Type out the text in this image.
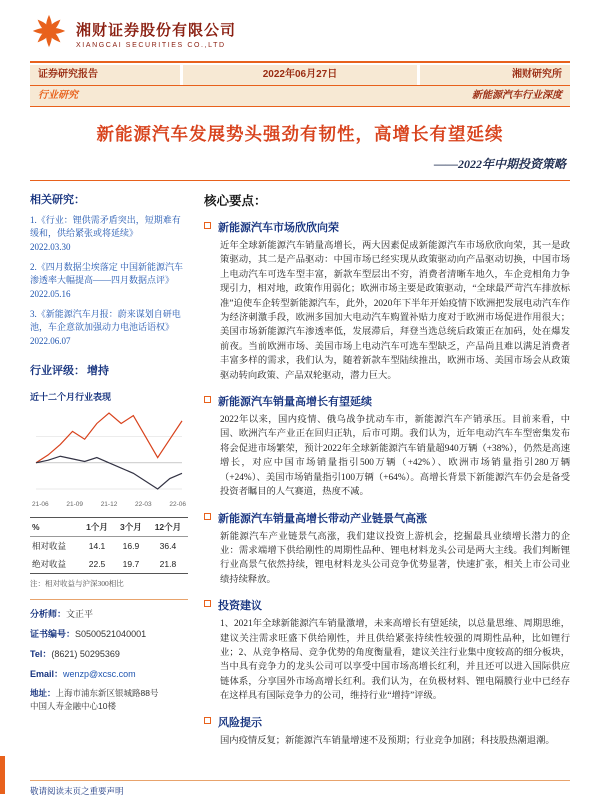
湘财证券股份有限公司
XIANGCAI SECURITIES CO.,LTD
证券研究报告	2022年06月27日	湘财研究所
行业研究	新能源汽车行业深度
新能源汽车发展势头强劲有韧性，高增长有望延续
——2022年中期投资策略
相关研究：
1.《行业：锂供需矛盾突出，短期难有缓和，供给紧张或将延续》
2022.03.30
2.《四月数据尘埃落定 中国新能源汽车渗透率大幅提高——四月数据点评》
2022.05.16
3.《新能源汽车月报：蔚来谋划自研电池，车企意欲加强动力电池话语权》
2022.06.07
行业评级： 增持
近十二个月行业表现
21-06	21-09	21-12	22-03	22-06
%	1个月	3个月	12个月
相对收益	14.1	16.9	36.4
绝对收益	22.5	19.7	21.8
注：相对收益与沪深300相比
分析师：文正平
证书编号：S0500521040001
Tel：(8621) 50295369
Email：wenzp@xcsc.com
地址：上海市浦东新区银城路88号
中国人寿金融中心10楼
核心要点：
新能源汽车市场欣欣向荣
近年全球新能源汽车销量高增长，两大因素促成新能源汽车市场欣欣向荣，其一是政策驱动，其二是产品驱动：中国市场已经实现从政策驱动向产品驱动切换，中国市场上电动汽车可选车型丰富，新款车型层出不穷，消费者清晰车地久，车企竞相角力争现引力，相对地，政策作用弱化；欧洲市场主要是政策驱动，“全球最严苛汽车排放标准”迫使车企转型新能源汽车，此外，2020年下半年开始疫情下欧洲把发展电动汽车作为经济刺激手段，欧洲多国加大电动汽车购置补贴力度对于欧洲市场促进作用很大；美国市场新能源汽车渗透率低，发展滞后，拜登当选总统后政策正在加码，处在爆发前夜。当前欧洲市场、美国市场上电动汽车可选车型缺乏，产品尚且难以满足消费者丰富多样的需求，我们认为，随着新款车型陆续推出，欧洲市场、美国市场会从政策驱动转向政策、产品双轮驱动，潜力巨大。
新能源汽车销量高增长有望延续
2022年以来，国内疫情、俄乌战争扰动车市，新能源汽车产销承压。目前来看，中国、欧洲汽车产业正在回归正轨，后市可期。我们认为，近年电动汽车车型密集发布将会促进市场繁荣，预计2022年全球新能源汽车销量超940万辆（+38%），仍然是高速增长，对应中国市场销量指引500万辆（+42%）、欧洲市场销量指引280万辆（+24%）、美国市场销量指引100万辆（+64%）。高增长背景下新能源汽车仍会是备受投资者瞩目的人气赛道，热度不减。
新能源汽车销量高增长带动产业链景气高涨
新能源汽车产业链景气高涨，我们建议投资上游机会，挖掘最具业绩增长潜力的企业：需求端增下供给刚性的周期性品种、锂电材料龙头公司是两大主线。我们判断锂行业高景气依然持续，锂电材料龙头公司竞争优势显著，快速扩张，相关上市公司业绩持续释放。
投资建议
1、2021年全球新能源汽车销量激增，未来高增长有望延续，以总量思维、周期思维，建议关注需求旺盛下供给刚性，并且供给紧张持续性较强的周期性品种，比如锂行业；2、从竞争格局、竞争优势的角度衡量看，建议关注行业集中度较高的细分板块，当中具有竞争力的龙头公司可以享受中国市场高增长红利，并且还可以进入国际供应链体系，分享国外市场高增长红利。我们认为，在负极材料、锂电隔膜行业中已经存在这样具有国际竞争力的公司，维持行业“增持”评级。
风险提示
国内疫情反复；新能源汽车销量增速不及预期；行业竞争加剧；科技股热潮退潮。
敬请阅读末页之重要声明
